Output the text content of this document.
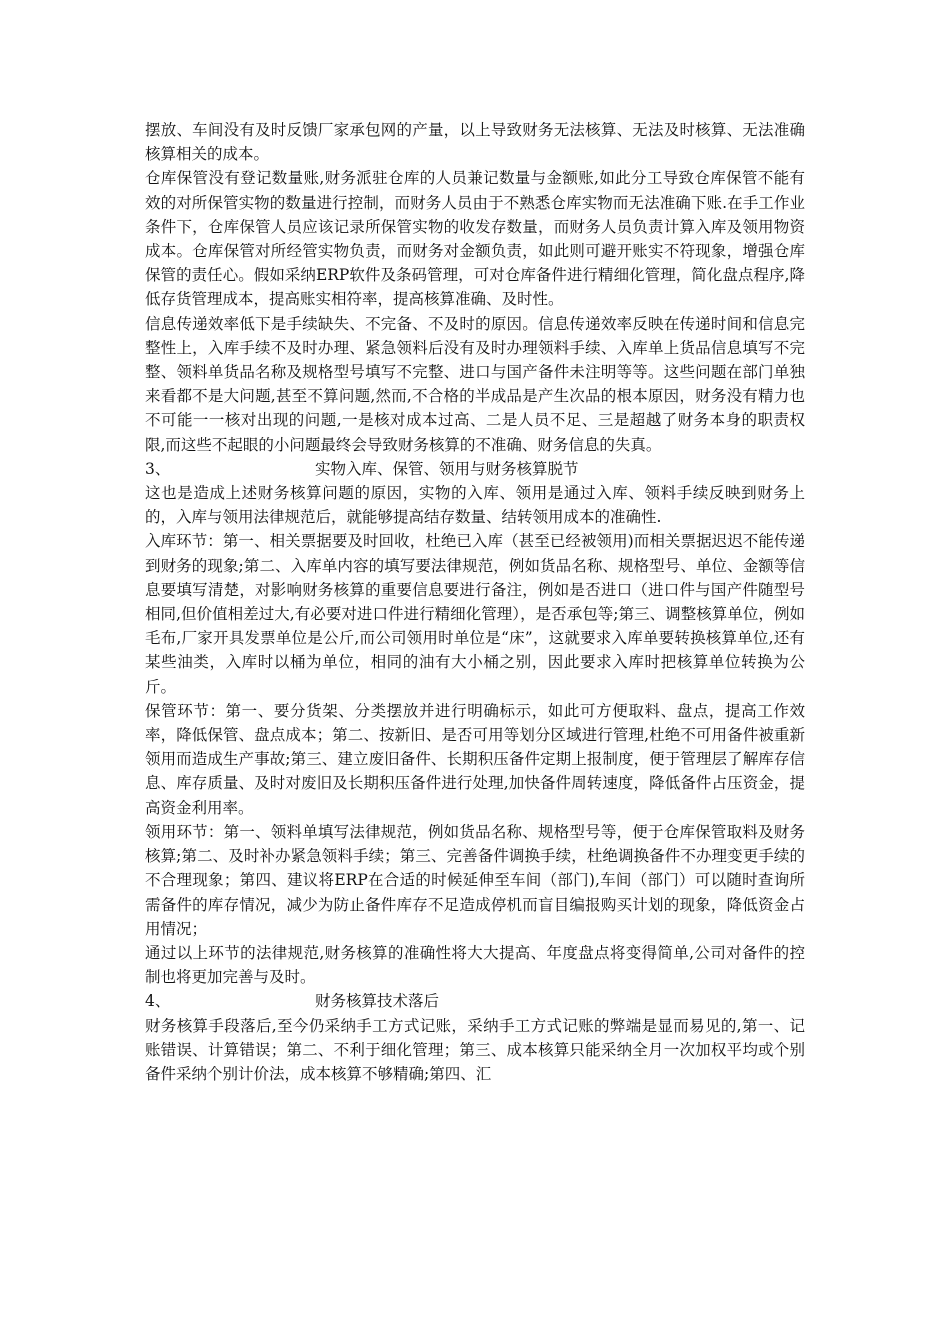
摆放、车间没有及时反馈厂家承包网的产量，以上导致财务无法核算、无法及时核算、无法准确核算相关的成本。

仓库保管没有登记数量账,财务派驻仓库的人员兼记数量与金额账,如此分工导致仓库保管不能有效的对所保管实物的数量进行控制，而财务人员由于不熟悉仓库实物而无法准确下账.在手工作业条件下，仓库保管人员应该记录所保管实物的收发存数量，而财务人员负责计算入库及领用物资成本。仓库保管对所经管实物负责，而财务对金额负责，如此则可避开账实不符现象，增强仓库保管的责任心。假如采纳ERP软件及条码管理，可对仓库备件进行精细化管理，简化盘点程序,降低存货管理成本，提高账实相符率，提高核算准确、及时性。

信息传递效率低下是手续缺失、不完备、不及时的原因。信息传递效率反映在传递时间和信息完整性上，入库手续不及时办理、紧急领料后没有及时办理领料手续、入库单上货品信息填写不完整、领料单货品名称及规格型号填写不完整、进口与国产备件未注明等等。这些问题在部门单独来看都不是大问题,甚至不算问题,然而,不合格的半成品是产生次品的根本原因，财务没有精力也不可能一一核对出现的问题,一是核对成本过高、二是人员不足、三是超越了财务本身的职责权限,而这些不起眼的小问题最终会导致财务核算的不准确、财务信息的失真。

3、	实物入库、保管、领用与财务核算脱节

这也是造成上述财务核算问题的原因，实物的入库、领用是通过入库、领料手续反映到财务上的，入库与领用法律规范后，就能够提高结存数量、结转领用成本的准确性.

入库环节：第一、相关票据要及时回收，杜绝已入库（甚至已经被领用)而相关票据迟迟不能传递到财务的现象;第二、入库单内容的填写要法律规范，例如货品名称、规格型号、单位、金额等信息要填写清楚，对影响财务核算的重要信息要进行备注，例如是否进口（进口件与国产件随型号相同,但价值相差过大,有必要对进口件进行精细化管理），是否承包等;第三、调整核算单位，例如毛布,厂家开具发票单位是公斤,而公司领用时单位是“床”，这就要求入库单要转换核算单位,还有某些油类，入库时以桶为单位，相同的油有大小桶之别，因此要求入库时把核算单位转换为公斤。

保管环节：第一、要分货架、分类摆放并进行明确标示，如此可方便取料、盘点，提高工作效率，降低保管、盘点成本；第二、按新旧、是否可用等划分区域进行管理,杜绝不可用备件被重新领用而造成生产事故;第三、建立废旧备件、长期积压备件定期上报制度，便于管理层了解库存信息、库存质量、及时对废旧及长期积压备件进行处理,加快备件周转速度，降低备件占压资金，提高资金利用率。

领用环节：第一、领料单填写法律规范，例如货品名称、规格型号等，便于仓库保管取料及财务核算;第二、及时补办紧急领料手续；第三、完善备件调换手续，杜绝调换备件不办理变更手续的不合理现象；第四、建议将ERP在合适的时候延伸至车间（部门),车间（部门）可以随时查询所需备件的库存情况，减少为防止备件库存不足造成停机而盲目编报购买计划的现象，降低资金占用情况；

通过以上环节的法律规范,财务核算的准确性将大大提高、年度盘点将变得简单,公司对备件的控制也将更加完善与及时。

4、	财务核算技术落后

财务核算手段落后,至今仍采纳手工方式记账，采纳手工方式记账的弊端是显而易见的,第一、记账错误、计算错误；第二、不利于细化管理；第三、成本核算只能采纳全月一次加权平均或个别备件采纳个别计价法，成本核算不够精确;第四、汇
